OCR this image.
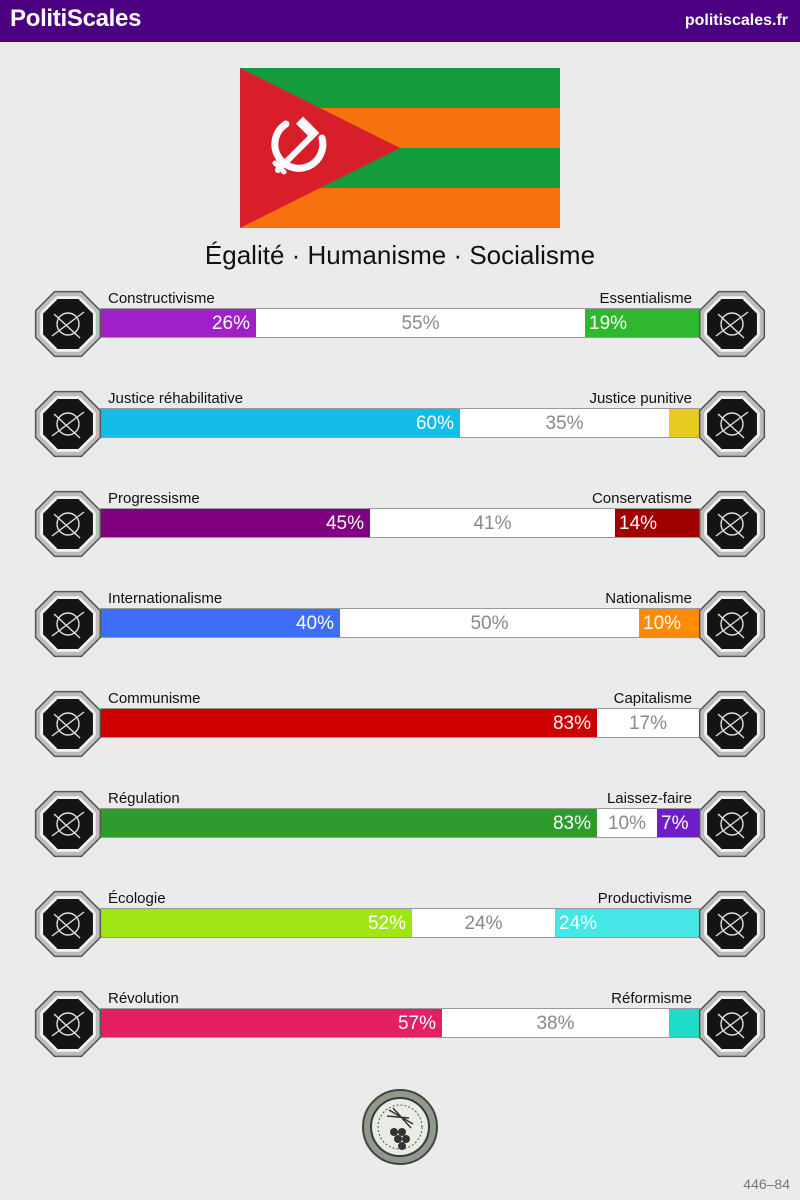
PolitiScales	politiscales.fr
Égalité · Humanisme · Socialisme
Constructivisme	Essentialisme
26%	55%	19%
Justice réhabilitative	Justice punitive
60%	35%
Progressisme	Conservatisme
45%	41%	14%
Internationalisme	Nationalisme
40%	50%	10%
Communisme	Capitalisme
83%	17%
Régulation	Laissez-faire
83% 10% 7%
Écologie	Productivisme
52%	24%	24%
Révolution	Réformisme
57%	38%
446–84
